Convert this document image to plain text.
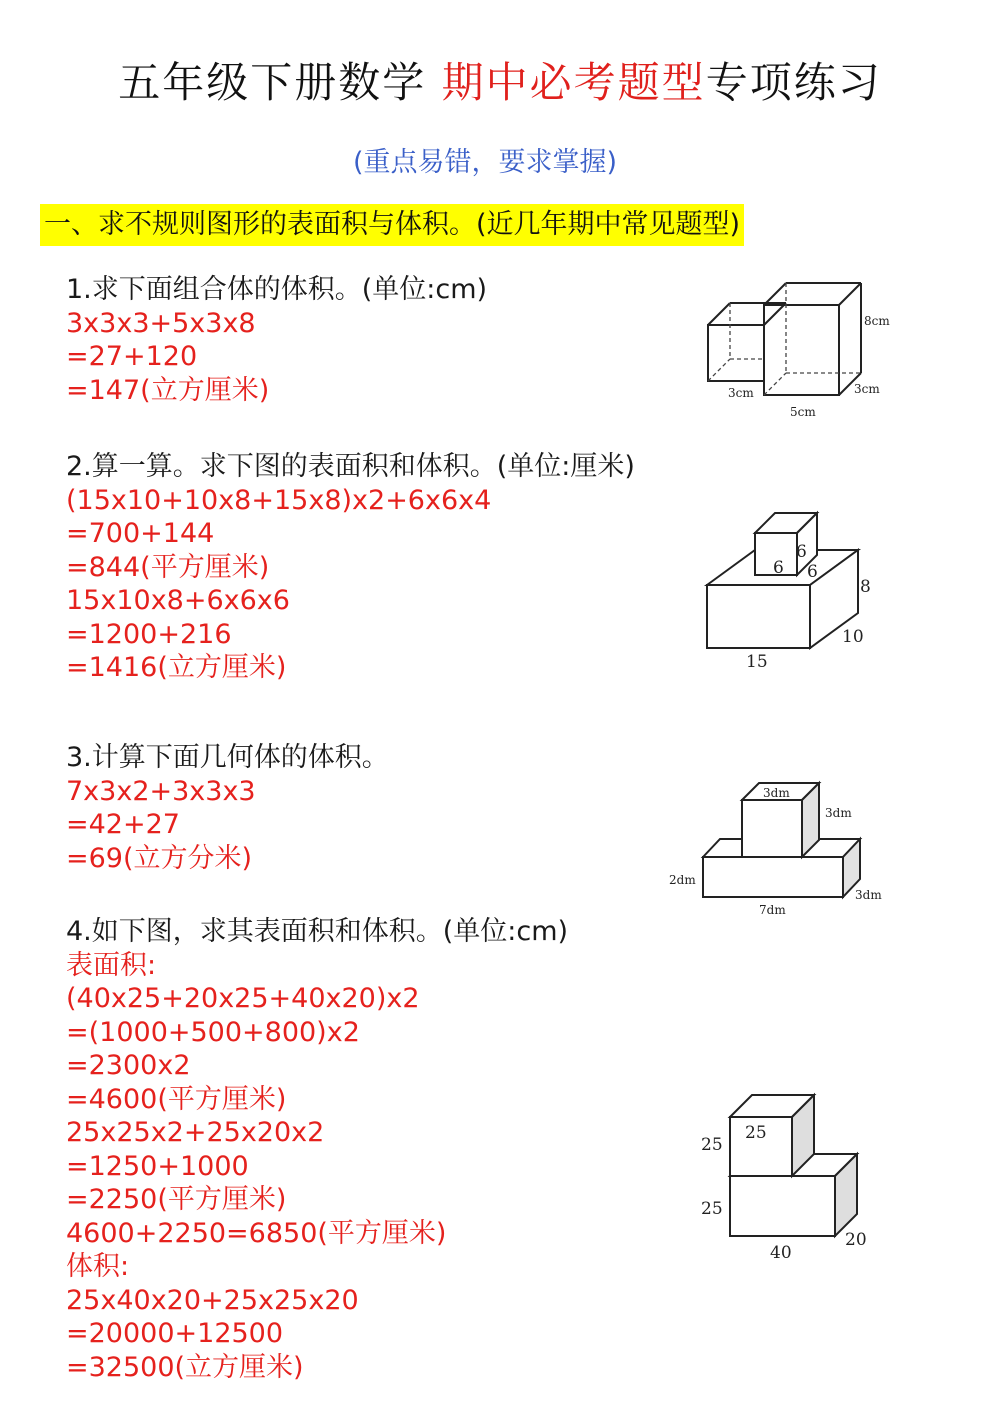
五年级下册数学 期中必考题型专项练习
(重点易错，要求掌握)
一、求不规则图形的表面积与体积。(近几年期中常见题型)
1.求下面组合体的体积。(单位:cm)
3x3x3+5x3x8
=27+120
=147(立方厘米)
8cm
3cm	3cm
5cm
2.算一算。求下图的表面积和体积。(单位:厘米)
(15x10+10x8+15x8)x2+6x6x4
=700+144
=844(平方厘米)
15x10x8+6x6x6
=1200+216
=1416(立方厘米)
6
6
6
8
10
15
3.计算下面几何体的体积。
7x3x2+3x3x3
=42+27
=69(立方分米)
3dm
3dm
2dm
3dm
7dm
4.如下图，求其表面积和体积。(单位:cm)
表面积:
(40x25+20x25+40x20)x2
=(1000+500+800)x2
=2300x2
=4600(平方厘米)
25x25x2+25x20x2
=1250+1000
=2250(平方厘米)
4600+2250=6850(平方厘米)
体积:
25x40x20+25x25x20
=20000+12500
=32500(立方厘米)
25
25
25
40
20
